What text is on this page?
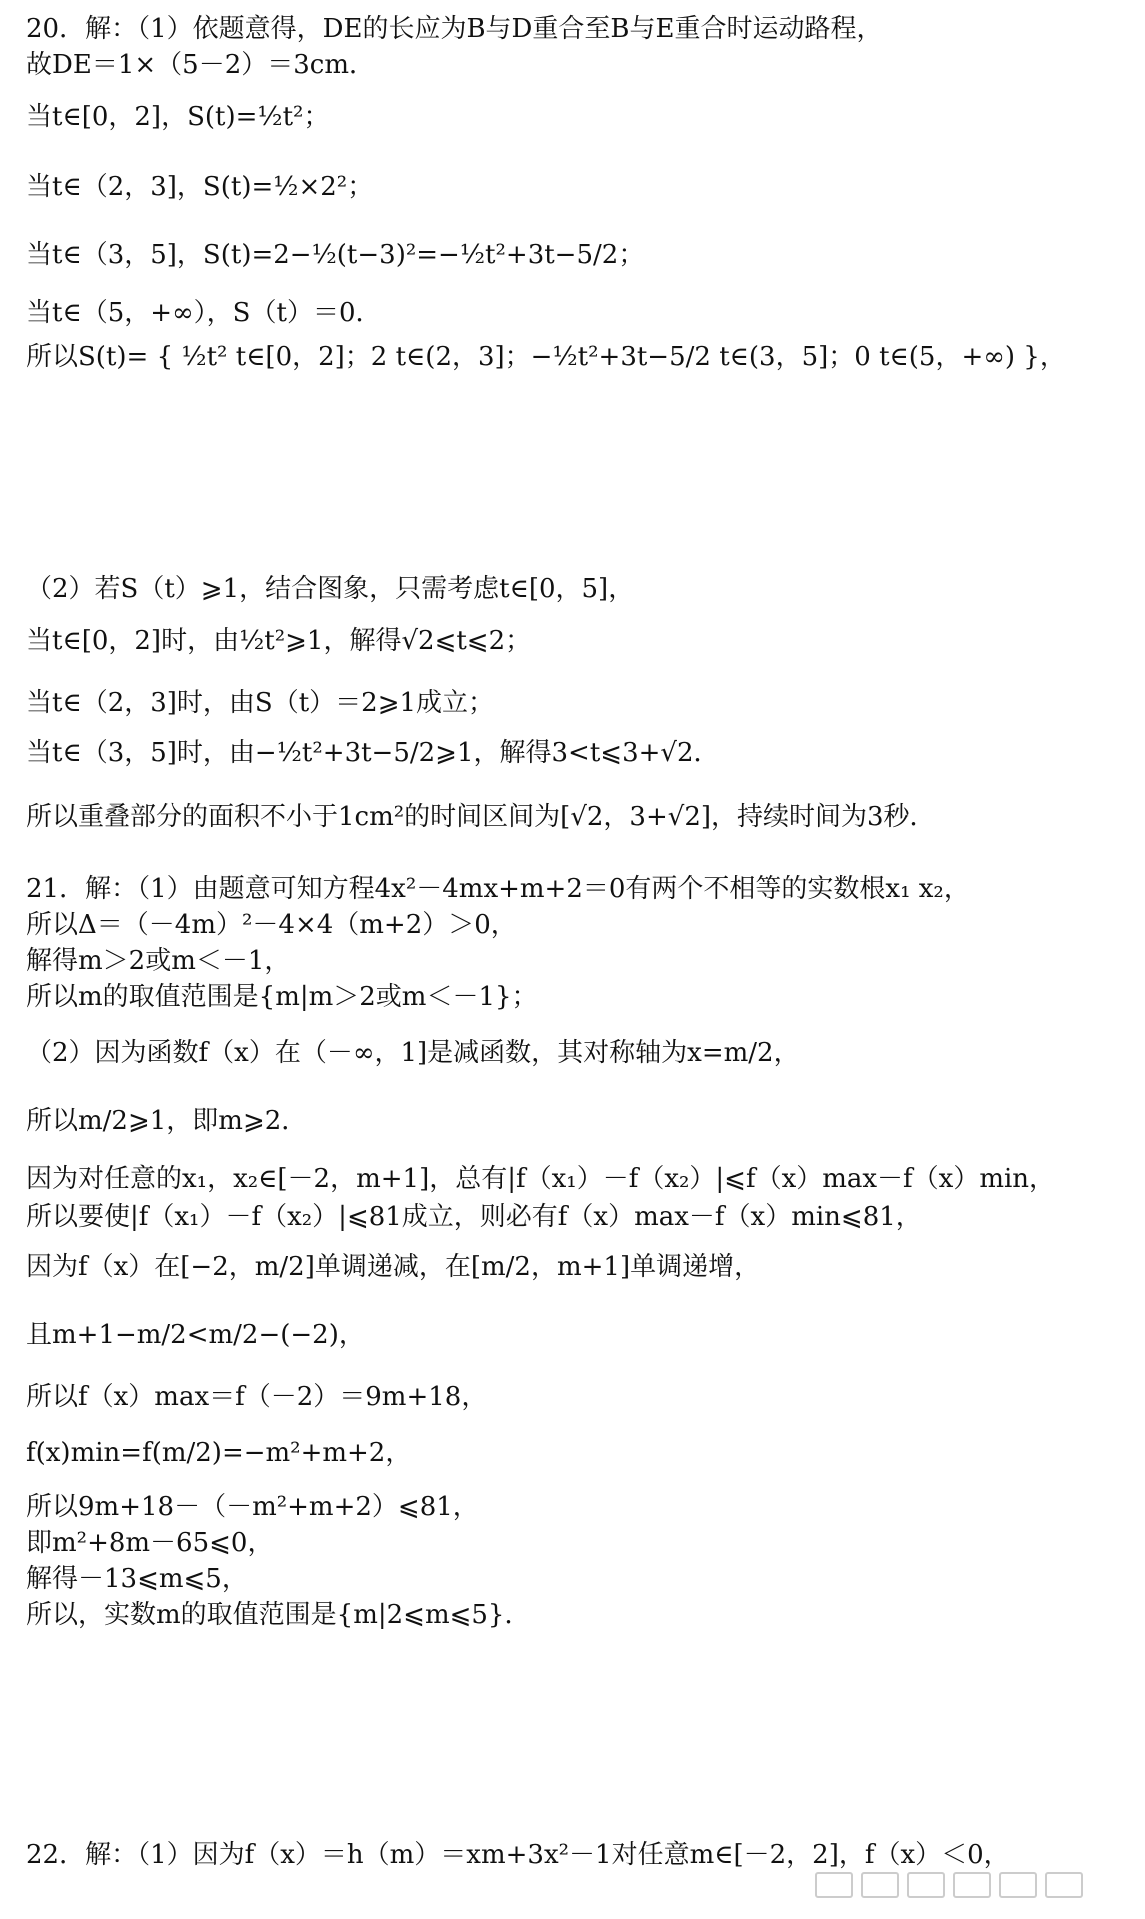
20．解：（1）依题意得，DE的长应为B与D重合至B与E重合时运动路程，
故DE＝1×（5－2）＝3cm．
当t∈[0，2]，S(t)=½t²；
当t∈（2，3]，S(t)=½×2²；
当t∈（3，5]，S(t)=2−½(t−3)²=−½t²+3t−5/2；
当t∈（5，+∞），S（t）＝0．
所以S(t)= { ½t² t∈[0，2]；2 t∈(2，3]；−½t²+3t−5/2 t∈(3，5]；0 t∈(5，+∞) }，
（2）若S（t）⩾1，结合图象，只需考虑t∈[0，5]，
当t∈[0，2]时，由½t²⩾1，解得√2⩽t⩽2；
当t∈（2，3]时，由S（t）＝2⩾1成立；
当t∈（3，5]时，由−½t²+3t−5/2⩾1，解得3<t⩽3+√2．
所以重叠部分的面积不小于1cm²的时间区间为[√2，3+√2]，持续时间为3秒．
21．解：（1）由题意可知方程4x²－4mx+m+2＝0有两个不相等的实数根x₁ x₂，
所以Δ＝（－4m）²－4×4（m+2）＞0，
解得m＞2或m＜－1，
所以m的取值范围是{m|m＞2或m＜－1}；
（2）因为函数f（x）在（－∞，1]是减函数，其对称轴为x=m/2，
所以m/2⩾1，即m⩾2．
因为对任意的x₁，x₂∈[－2，m+1]，总有|f（x₁）－f（x₂）|⩽f（x）max－f（x）min，
所以要使|f（x₁）－f（x₂）|⩽81成立，则必有f（x）max－f（x）min⩽81，
因为f（x）在[−2，m/2]单调递减，在[m/2，m+1]单调递增，
且m+1−m/2<m/2−(−2)，
所以f（x）max＝f（－2）＝9m+18，
f(x)min=f(m/2)=−m²+m+2，
所以9m+18－（－m²+m+2）⩽81，
即m²+8m－65⩽0，
解得－13⩽m⩽5，
所以，实数m的取值范围是{m|2⩽m⩽5}．
22．解：（1）因为f（x）＝h（m）＝xm+3x²－1对任意m∈[－2，2]，f（x）＜0，
